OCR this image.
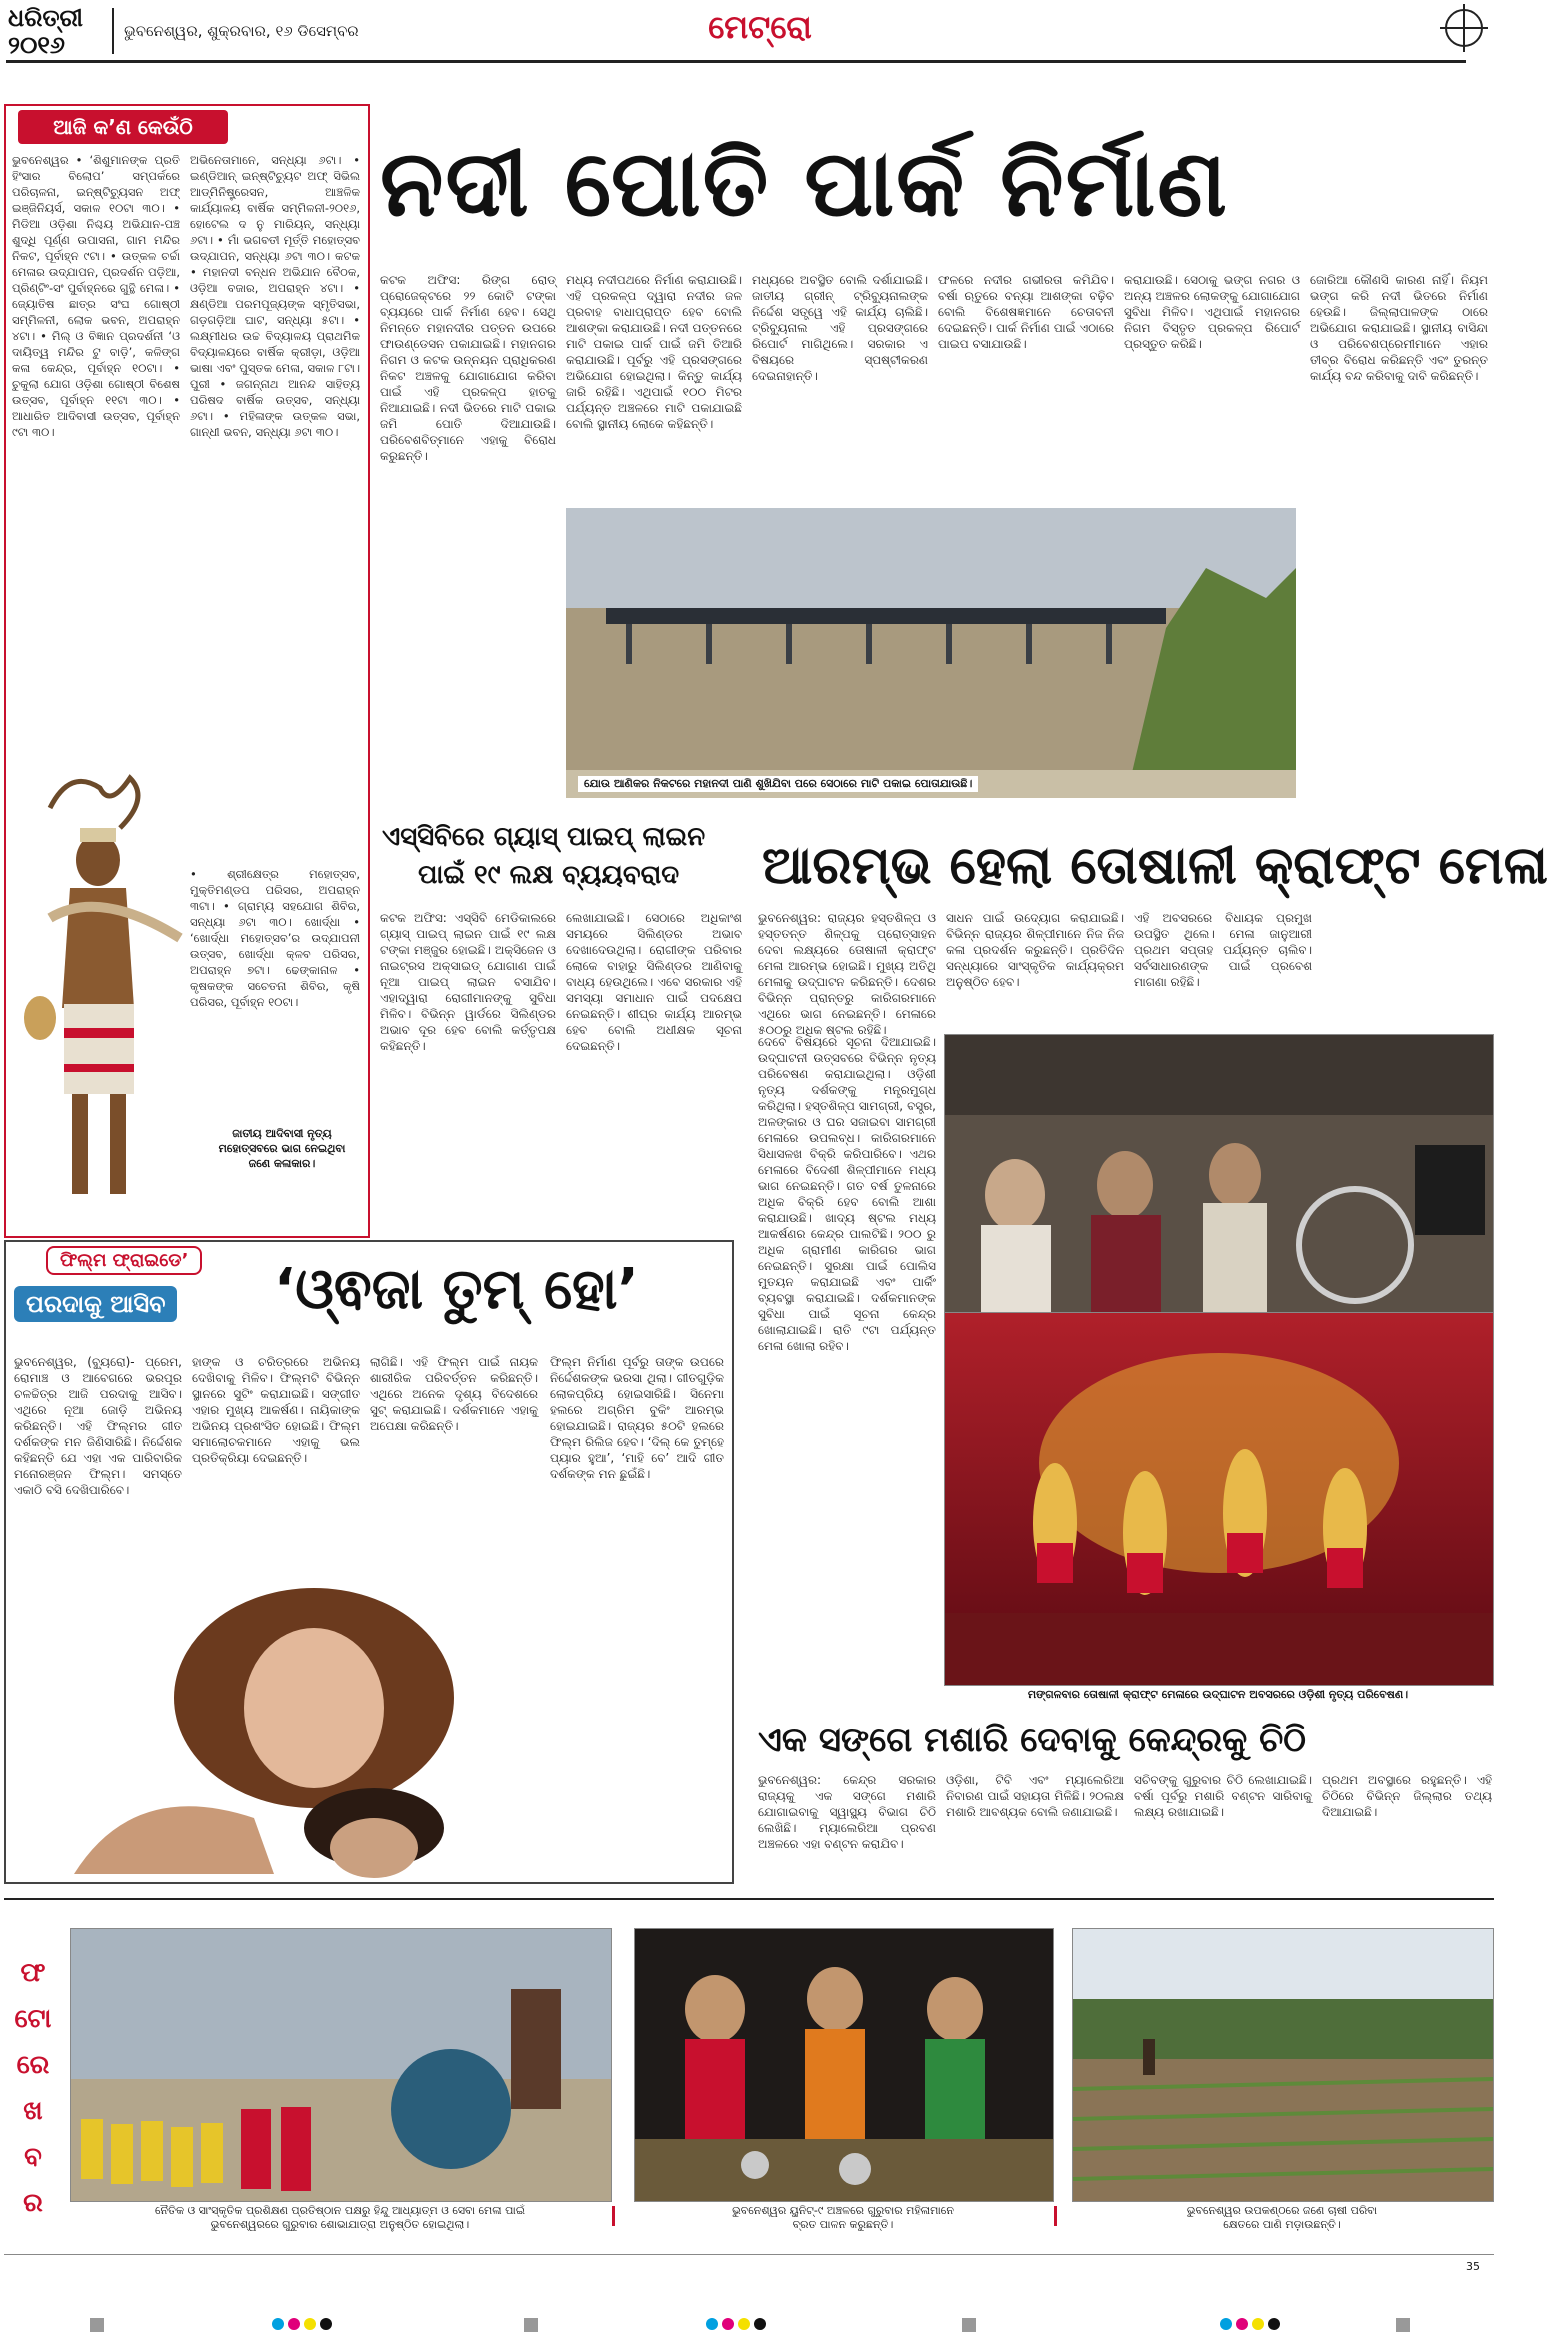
ଧରିତ୍ରୀ
୨୦୧୬	ଭୁବନେଶ୍ୱର, ଶୁକ୍ରବାର, ୧୬ ଡିସେମ୍ବର	ମେଟ୍ରୋ
ଆଜି କ’ଣ କେଉଁଠି
ଭୁବନେଶ୍ୱର • ‘ଶିଶୁମାନଙ୍କ ପ୍ରତି ହିଂସାର ବିଲୋପ’ ସମ୍ପର୍କରେ ପରିଚାଳନା, ଇନ୍‌ଷ୍ଟିଚ୍ୟୁସନ ଅଫ୍ ଇଞ୍ଜିନିୟର୍ସ, ସକାଳ ୧୦ଟା ୩୦। • ମିଡିଆ ଓଡ଼ିଶା ନିଶ୍ଚୟ ଅଭିଯାନ-ପଞ୍ଚ ଶୁଦ୍ଧି ପୂର୍ଣ୍ଣ ଉପାସନା, ଗାମ ମନ୍ଦିର ନିକଟ, ପୂର୍ବାହ୍ନ ୯ଟା। • ଉତ୍କଳ ଚର୍ଚ୍ଚା ମେଳାର ଉଦ୍‌ଯାପନ, ପ୍ରଦର୍ଶନ ପଡ଼ିଆ, ପ୍ରିଣ୍ଟିଂ-ସଂ ପୁର୍ବାହ୍ନରେ ଗୁନ୍ଥି ମେଳା। • ଜ୍ୟୋତିଷ ଛାତ୍ର ସଂଘ ଗୋଷ୍ଠୀ ସମ୍ମିଳନୀ, ଲୋକ ଭବନ, ଅପରାହ୍ନ ୪ଟା। • ମିଲ୍ ଓ ବିଜ୍ଞାନ ପ୍ରଦର୍ଶନୀ ‘ଓ ଦାୟିତ୍ୱ ମନ୍ଦିର ଟୁ ବାଡ଼ି’, କଳିଙ୍ଗ କଳା କେନ୍ଦ୍ର, ପୂର୍ବାହ୍ନ ୧୦ଟା। • ଚୁକୁଲା ଯୋଗ ଓଡ଼ିଶା ଗୋଷ୍ଠୀ ବିଶେଷ ଉତ୍ସବ, ପୂର୍ବାହ୍ନ ୧୧ଟା ୩୦। • ଆଧାରିତ ଆଦିବାସୀ ଉତ୍ସବ, ପୂର୍ବାହ୍ନ ୯ଟା ୩୦।
ଅଭିନେତାମାନେ, ସନ୍ଧ୍ୟା ୬ଟା। • ଇଣ୍ଡିଆନ୍ ଇନ୍‌ଷ୍ଟିଚ୍ୟୁଟ ଅଫ୍ ସିଭିଲ ଆଡ୍‌ମିନିଷ୍ଟ୍ରେସନ, ଆଞ୍ଚଳିକ କାର୍ଯ୍ୟାଳୟ ବାର୍ଷିକ ସମ୍ମିଳନୀ-୨୦୧୬, ହୋଟେଲ ଦ ନୁ ମାରିୟନ୍, ସନ୍ଧ୍ୟା ୬ଟା। • ମାଁ ଭଗବତୀ ମୂର୍ତ୍ତି ମହୋତ୍ସବ ଉଦ୍‌ଯାପନ, ସନ୍ଧ୍ୟା ୬ଟା ୩୦। କଟକ • ମହାନଦୀ ବନ୍ଧନ ଅଭିଯାନ ବୈଠକ, ଓଡ଼ିଆ ବଜାର, ଅପରାହ୍ନ ୪ଟା। • କ୍ଷଣ୍ଡିଆ ପରମପୂଜ୍ୟଙ୍କ ସ୍ମୃତିସଭା, ଗଡ଼ଗଡ଼ିଆ ଘାଟ, ସନ୍ଧ୍ୟା ୫ଟା। • ଲକ୍ଷ୍ମୀଧର ଉଚ୍ଚ ବିଦ୍ୟାଳୟ ପ୍ରାଥମିକ ବିଦ୍ୟାଳୟରେ ବାର୍ଷିକ କ୍ରୀଡ଼ା, ଓଡ଼ିଆ ଭାଷା ଏବଂ ପୁସ୍ତକ ମେଳା, ସକାଳ ୮ଟା। ପୁରୀ • ଜଗନ୍ନାଥ ଆନନ୍ଦ ସାହିତ୍ୟ ପରିଷଦ ବାର୍ଷିକ ଉତ୍ସବ, ସନ୍ଧ୍ୟା ୬ଟା। • ମହିଳାଙ୍କ ଉତ୍କଳ ସଭା, ଗାନ୍ଧୀ ଭବନ, ସନ୍ଧ୍ୟା ୬ଟା ୩୦।
• ଶ୍ରୀକ୍ଷେତ୍ର ମହୋତ୍ସବ, ମୁକ୍ତିମଣ୍ଡପ ପରିସର, ଅପରାହ୍ନ ୩ଟା। • ଗ୍ରାମ୍ୟ ସହଯୋଗ ଶିବିର, ସନ୍ଧ୍ୟା ୬ଟା ୩୦। ଖୋର୍ଦ୍ଧା • ‘ଖୋର୍ଦ୍ଧା ମହୋତ୍ସବ’ର ଉଦ୍‌ଯାପନୀ ଉତ୍ସବ, ଖୋର୍ଦ୍ଧା କ୍ଳବ ପରିସର, ଅପରାହ୍ନ ୭ଟା। ଢେଙ୍କାନାଳ • କୃଷକଙ୍କ ସଚେତନା ଶିବିର, କୃଷି ପରିସର, ପୂର୍ବାହ୍ନ ୧୦ଟା।
ଜାତୀୟ ଆଦିବାସୀ ନୃତ୍ୟ
ମହୋତ୍ସବରେ ଭାଗ ନେଇଥିବା
ଜଣେ କଳାକାର।
ନଦୀ ପୋତି ପାର୍କ ନିର୍ମାଣ
କଟକ ଅଫିସ: ରିଙ୍ଗ ରୋଡ୍ ପ୍ରୋଜେକ୍ଟରେ ୨୨ କୋଟି ଟଙ୍କା ବ୍ୟୟରେ ପାର୍କ ନିର୍ମାଣ ହେବ। ସେଥି ନିମନ୍ତେ ମହାନଦୀର ପତ୍ତନ ଉପରେ ଫାଉଣ୍ଡେସନ ପକାଯାଇଛି। ମହାନଗର ନିଗମ ଓ କଟକ ଉନ୍ନୟନ ପ୍ରାଧିକରଣ ନିକଟ ଅଞ୍ଚଳକୁ ଯୋଗାଯୋଗ କରିବା ପାଇଁ ଏହି ପ୍ରକଳ୍ପ ହାତକୁ ନିଆଯାଇଛି। ନଦୀ ଭିତରେ ମାଟି ପକାଇ ଜମି ପୋତି ଦିଆଯାଉଛି। ପରିବେଶବିତ୍‌ମାନେ ଏହାକୁ ବିରୋଧ କରୁଛନ୍ତି।
ମଧ୍ୟ ନଦୀପଥରେ ନିର୍ମାଣ କରାଯାଉଛି। ଏହି ପ୍ରକଳ୍ପ ଦ୍ୱାରା ନଦୀର ଜଳ ପ୍ରବାହ ବାଧାପ୍ରାପ୍ତ ହେବ ବୋଲି ଆଶଙ୍କା କରାଯାଉଛି। ନଦୀ ପତ୍ତନରେ ମାଟି ପକାଇ ପାର୍କ ପାଇଁ ଜମି ତିଆରି କରାଯାଉଛି। ପୂର୍ବରୁ ଏହି ପ୍ରସଙ୍ଗରେ ଅଭିଯୋଗ ହୋଇଥିଲା। କିନ୍ତୁ କାର୍ଯ୍ୟ ଜାରି ରହିଛି। ଏଥିପାଇଁ ୧୦୦ ମିଟର ପର୍ଯ୍ୟନ୍ତ ଅଞ୍ଚଳରେ ମାଟି ପକାଯାଇଛି ବୋଲି ସ୍ଥାନୀୟ ଲୋକେ କହିଛନ୍ତି।
ମଧ୍ୟରେ ଅବସ୍ଥିତ ବୋଲି ଦର୍ଶାଯାଇଛି। ଜାତୀୟ ଗ୍ରୀନ୍ ଟ୍ରିବ୍ୟୁନାଲଙ୍କ ନିର୍ଦ୍ଦେଶ ସତ୍ତ୍ୱେ ଏହି କାର୍ଯ୍ୟ ଚାଲିଛି। ଟ୍ରିବ୍ୟୁନାଲ ଏହି ପ୍ରସଙ୍ଗରେ ରିପୋର୍ଟ ମାଗିଥିଲେ। ସରକାର ଏ ବିଷୟରେ ସ୍ପଷ୍ଟୀକରଣ ଦେଇନାହାନ୍ତି।
ଫଳରେ ନଦୀର ଗଭୀରତା କମିଯିବ। ବର୍ଷା ଋତୁରେ ବନ୍ୟା ଆଶଙ୍କା ବଢ଼ିବ ବୋଲି ବିଶେଷଜ୍ଞମାନେ ଚେତାବନୀ ଦେଇଛନ୍ତି। ପାର୍କ ନିର୍ମାଣ ପାଇଁ ଏଠାରେ ପାଇପ ବସାଯାଉଛି।
କରାଯାଉଛି। ସେଠାକୁ ଭଙ୍ଗ ନଗର ଓ ଅନ୍ୟ ଅଞ୍ଚଳର ଲୋକଙ୍କୁ ଯୋଗାଯୋଗ ସୁବିଧା ମିଳିବ। ଏଥିପାଇଁ ମହାନଗର ନିଗମ ବିସ୍ତୃତ ପ୍ରକଳ୍ପ ରିପୋର୍ଟ ପ୍ରସ୍ତୁତ କରିଛି।
ଜୋରିଆ କୌଣସି କାରଣ ନାହିଁ। ନିୟମ ଭଙ୍ଗ କରି ନଦୀ ଭିତରେ ନିର୍ମାଣ ହେଉଛି। ଜିଲ୍ଲାପାଳଙ୍କ ଠାରେ ଅଭିଯୋଗ କରାଯାଇଛି। ସ୍ଥାନୀୟ ବାସିନ୍ଦା ଓ ପରିବେଶପ୍ରେମୀମାନେ ଏହାର ତୀବ୍ର ବିରୋଧ କରିଛନ୍ତି ଏବଂ ତୁରନ୍ତ କାର୍ଯ୍ୟ ବନ୍ଦ କରିବାକୁ ଦାବି କରିଛନ୍ତି।
ଯୋଉ ଆଣିକର ନିକଟରେ ମହାନଦୀ ପାଣି ଶୁଖିଯିବା ପରେ ସେଠାରେ ମାଟି ପକାଇ ପୋତାଯାଉଛି।
ଏସ୍‌ସିବିରେ ଗ୍ୟାସ୍ ପାଇପ୍ ଲାଇନ
ପାଇଁ ୧୯ ଲକ୍ଷ ବ୍ୟୟବରାଦ
କଟକ ଅଫିସ: ଏସ୍‌ସିବି ମେଡିକାଲରେ ଗ୍ୟାସ୍ ପାଇପ୍ ଲାଇନ ପାଇଁ ୧୯ ଲକ୍ଷ ଟଙ୍କା ମଞ୍ଜୁର ହୋଇଛି। ଅକ୍ସିଜେନ ଓ ନାଇଟ୍ରସ ଅକ୍ସାଇଡ୍ ଯୋଗାଣ ପାଇଁ ନୂଆ ପାଇପ୍ ଲାଇନ ବସାଯିବ। ଏହାଦ୍ୱାରା ରୋଗୀମାନଙ୍କୁ ସୁବିଧା ମିଳିବ। ବିଭିନ୍ନ ୱାର୍ଡରେ ସିଲିଣ୍ଡର ଅଭାବ ଦୂର ହେବ ବୋଲି କର୍ତ୍ତୃପକ୍ଷ କହିଛନ୍ତି।
ଲେଖାଯାଇଛି। ସେଠାରେ ଅଧିକାଂଶ ସମୟରେ ସିଲିଣ୍ଡର ଅଭାବ ଦେଖାଦେଉଥିଲା। ରୋଗୀଙ୍କ ପରିବାର ଲୋକେ ବାହାରୁ ସିଲିଣ୍ଡର ଆଣିବାକୁ ବାଧ୍ୟ ହେଉଥିଲେ। ଏବେ ସରକାର ଏହି ସମସ୍ୟା ସମାଧାନ ପାଇଁ ପଦକ୍ଷେପ ନେଇଛନ୍ତି। ଶୀଘ୍ର କାର୍ଯ୍ୟ ଆରମ୍ଭ ହେବ ବୋଲି ଅଧୀକ୍ଷକ ସୂଚନା ଦେଇଛନ୍ତି।
ଆରମ୍ଭ ହେଲା ତୋଷାଳୀ କ୍ରାଫ୍ଟ ମେଳା
ଭୁବନେଶ୍ୱର: ରାଜ୍ୟର ହସ୍ତଶିଳ୍ପ ଓ ହସ୍ତତନ୍ତ ଶିଳ୍ପକୁ ପ୍ରୋତ୍ସାହନ ଦେବା ଲକ୍ଷ୍ୟରେ ତୋଷାଳୀ କ୍ରାଫ୍ଟ ମେଳା ଆରମ୍ଭ ହୋଇଛି। ମୁଖ୍ୟ ଅତିଥି ମେଳାକୁ ଉଦ୍‌ଘାଟନ କରିଛନ୍ତି। ଦେଶର ବିଭିନ୍ନ ପ୍ରାନ୍ତରୁ କାରିଗରମାନେ ଏଥିରେ ଭାଗ ନେଇଛନ୍ତି। ମେଳାରେ ୫୦୦ରୁ ଅଧିକ ଷ୍ଟଲ ରହିଛି।
ସାଧନ ପାଇଁ ଉଦ୍ୟୋଗ କରାଯାଇଛି। ବିଭିନ୍ନ ରାଜ୍ୟର ଶିଳ୍ପୀମାନେ ନିଜ ନିଜ କଳା ପ୍ରଦର୍ଶନ କରୁଛନ୍ତି। ପ୍ରତିଦିନ ସନ୍ଧ୍ୟାରେ ସାଂସ୍କୃତିକ କାର୍ଯ୍ୟକ୍ରମ ଅନୁଷ୍ଠିତ ହେବ।
ଏହି ଅବସରରେ ବିଧାୟକ ପ୍ରମୁଖ ଉପସ୍ଥିତ ଥିଲେ। ମେଳା ଜାନୁଆରୀ ପ୍ରଥମ ସପ୍ତାହ ପର୍ଯ୍ୟନ୍ତ ଚାଲିବ। ସର୍ବସାଧାରଣଙ୍କ ପାଇଁ ପ୍ରବେଶ ମାଗଣା ରହିଛି।
ଦେବେ ବିଷୟରେ ସୂଚନା ଦିଆଯାଇଛି। ଉଦ୍‌ଘାଟନୀ ଉତ୍ସବରେ ବିଭିନ୍ନ ନୃତ୍ୟ ପରିବେଷଣ କରାଯାଇଥିଲା। ଓଡ଼ିଶୀ ନୃତ୍ୟ ଦର୍ଶକଙ୍କୁ ମନ୍ତ୍ରମୁଗ୍ଧ କରିଥିଲା। ହସ୍ତଶିଳ୍ପ ସାମଗ୍ରୀ, ବସ୍ତ୍ର, ଅଳଙ୍କାର ଓ ଘର ସଜାଇବା ସାମଗ୍ରୀ ମେଳାରେ ଉପଲବ୍ଧ। କାରିଗରମାନେ ସିଧାସଳଖ ବିକ୍ରି କରିପାରିବେ। ଏଥର ମେଳାରେ ବିଦେଶୀ ଶିଳ୍ପୀମାନେ ମଧ୍ୟ ଭାଗ ନେଇଛନ୍ତି। ଗତ ବର୍ଷ ତୁଳନାରେ ଅଧିକ ବିକ୍ରି ହେବ ବୋଲି ଆଶା କରାଯାଉଛି। ଖାଦ୍ୟ ଷ୍ଟଲ ମଧ୍ୟ ଆକର୍ଷଣର କେନ୍ଦ୍ର ପାଲଟିଛି। ୨୦୦ ରୁ ଅଧିକ ଗ୍ରାମୀଣ କାରିଗର ଭାଗ ନେଇଛନ୍ତି। ସୁରକ୍ଷା ପାଇଁ ପୋଲିସ ମୁତୟନ କରାଯାଇଛି ଏବଂ ପାର୍କିଂ ବ୍ୟବସ୍ଥା କରାଯାଇଛି। ଦର୍ଶକମାନଙ୍କ ସୁବିଧା ପାଇଁ ସୂଚନା କେନ୍ଦ୍ର ଖୋଲାଯାଇଛି। ରାତି ୯ଟା ପର୍ଯ୍ୟନ୍ତ ମେଳା ଖୋଲା ରହିବ।
ମଙ୍ଗଳବାର ତୋଷାଳୀ କ୍ରାଫ୍ଟ ମେଳାରେ ଉଦ୍‌ଘାଟନ ଅବସରରେ ଓଡ଼ିଶୀ ନୃତ୍ୟ ପରିବେଷଣ।
ଫିଲ୍ମ ଫ୍ରାଇଡେ’
ପରଦାକୁ ଆସିବ ‘ଓ୍ଵଜା ତୁମ୍ ହୋ’
ଭୁବନେଶ୍ୱର, (ବ୍ୟୁରୋ)- ପ୍ରେମ, ରୋମାଞ୍ଚ ଓ ଆବେଗରେ ଭରପୂର ଚଳଚ୍ଚିତ୍ର ଆଜି ପରଦାକୁ ଆସିବ। ଏଥିରେ ନୂଆ ଜୋଡ଼ି ଅଭିନୟ କରିଛନ୍ତି। ଏହି ଫିଲ୍ମର ଗୀତ ଦର୍ଶକଙ୍କ ମନ ଜିଣିସାରିଛି। ନିର୍ଦ୍ଦେଶକ କହିଛନ୍ତି ଯେ ଏହା ଏକ ପାରିବାରିକ ମନୋରଞ୍ଜନ ଫିଲ୍ମ। ସମସ୍ତେ ଏକାଠି ବସି ଦେଖିପାରିବେ।
ହାଙ୍କ ଓ ଚରିତ୍ରରେ ଅଭିନୟ ଦେଖିବାକୁ ମିଳିବ। ଫିଲ୍ମଟି ବିଭିନ୍ନ ସ୍ଥାନରେ ସୁଟିଂ କରାଯାଇଛି। ସଙ୍ଗୀତ ଏହାର ମୁଖ୍ୟ ଆକର୍ଷଣ। ନାୟିକାଙ୍କ ଅଭିନୟ ପ୍ରଶଂସିତ ହୋଇଛି। ଫିଲ୍ମ ସମାଲୋଚକମାନେ ଏହାକୁ ଭଲ ପ୍ରତିକ୍ରିୟା ଦେଇଛନ୍ତି।
ଲାଗିଛି। ଏହି ଫିଲ୍ମ ପାଇଁ ନାୟକ ଶାରୀରିକ ପରିବର୍ତ୍ତନ କରିଛନ୍ତି। ଏଥିରେ ଅନେକ ଦୃଶ୍ୟ ବିଦେଶରେ ସୁଟ୍ କରାଯାଇଛି। ଦର୍ଶକମାନେ ଏହାକୁ ଅପେକ୍ଷା କରିଛନ୍ତି।
ଫିଲ୍ମ ନିର୍ମାଣ ପୂର୍ବରୁ ତାଙ୍କ ଉପରେ ନିର୍ଦ୍ଦେଶକଙ୍କ ଭରସା ଥିଲା। ଗୀତଗୁଡ଼ିକ ଲୋକପ୍ରିୟ ହୋଇସାରିଛି। ସିନେମା ହଲରେ ଅଗ୍ରିମ ବୁକିଂ ଆରମ୍ଭ ହୋଇଯାଇଛି। ରାଜ୍ୟର ୫୦ଟି ହଲରେ ଫିଲ୍ମ ରିଲିଜ ହେବ। ‘ଦିଲ୍ କେ ତୁମ୍ହେ ପ୍ୟାର ହୁଆ’, ‘ମାହି ବେ’ ଆଦି ଗୀତ ଦର୍ଶକଙ୍କ ମନ ଛୁଇଁଛି।
ଏକ ସଙ୍ଗେ ମଶାରି ଦେବାକୁ କେନ୍ଦ୍ରକୁ ଚିଠି
ଭୁବନେଶ୍ୱର: କେନ୍ଦ୍ର ସରକାର ରାଜ୍ୟକୁ ଏକ ସଙ୍ଗେ ମଶାରି ଯୋଗାଇବାକୁ ସ୍ୱାସ୍ଥ୍ୟ ବିଭାଗ ଚିଠି ଲେଖିଛି। ମ୍ୟାଲେରିଆ ପ୍ରବଣ ଅଞ୍ଚଳରେ ଏହା ବଣ୍ଟନ କରାଯିବ।
ଓଡ଼ିଶା, ଟିବି ଏବଂ ମ୍ୟାଲେରିଆ ନିବାରଣ ପାଇଁ ସହାୟତା ମିଳିଛି। ୨୦ଲକ୍ଷ ମଶାରି ଆବଶ୍ୟକ ବୋଲି ଜଣାଯାଇଛି।
ସଚିବଙ୍କୁ ଗୁରୁବାର ଚିଠି ଲେଖାଯାଇଛି। ବର୍ଷା ପୂର୍ବରୁ ମଶାରି ବଣ୍ଟନ ସାରିବାକୁ ଲକ୍ଷ୍ୟ ରଖାଯାଇଛି।
ପ୍ରଥମ ଅବସ୍ଥାରେ ରହୁଛନ୍ତି। ଏହି ଚିଠିରେ ବିଭିନ୍ନ ଜିଲ୍ଲାର ତଥ୍ୟ ଦିଆଯାଇଛି।
ଫ
ଟୋ
ରେ
ଖ
ବ
ର	ନୈତିକ ଓ ସାଂସ୍କୃତିକ ପ୍ରଶିକ୍ଷଣ ପ୍ରତିଷ୍ଠାନ ପକ୍ଷରୁ ହିନ୍ଦୁ ଆଧ୍ୟାତ୍ମ ଓ ସେବା ମେଳା ପାଇଁ
ଭୁବନେଶ୍ୱରରେ ଗୁରୁବାର ଶୋଭାଯାତ୍ରା ଅନୁଷ୍ଠିତ ହୋଇଥିଲା।
ଭୁବନେଶ୍ୱର ୟୁନିଟ୍-୯ ଅଞ୍ଚଳରେ ଗୁରୁବାର ମହିଳାମାନେ
ବ୍ରତ ପାଳନ କରୁଛନ୍ତି।
ଭୁବନେଶ୍ୱର ଉପକଣ୍ଠରେ ଜଣେ ଚାଷୀ ପରିବା
କ୍ଷେତରେ ପାଣି ମଡ଼ାଉଛନ୍ତି।
35
